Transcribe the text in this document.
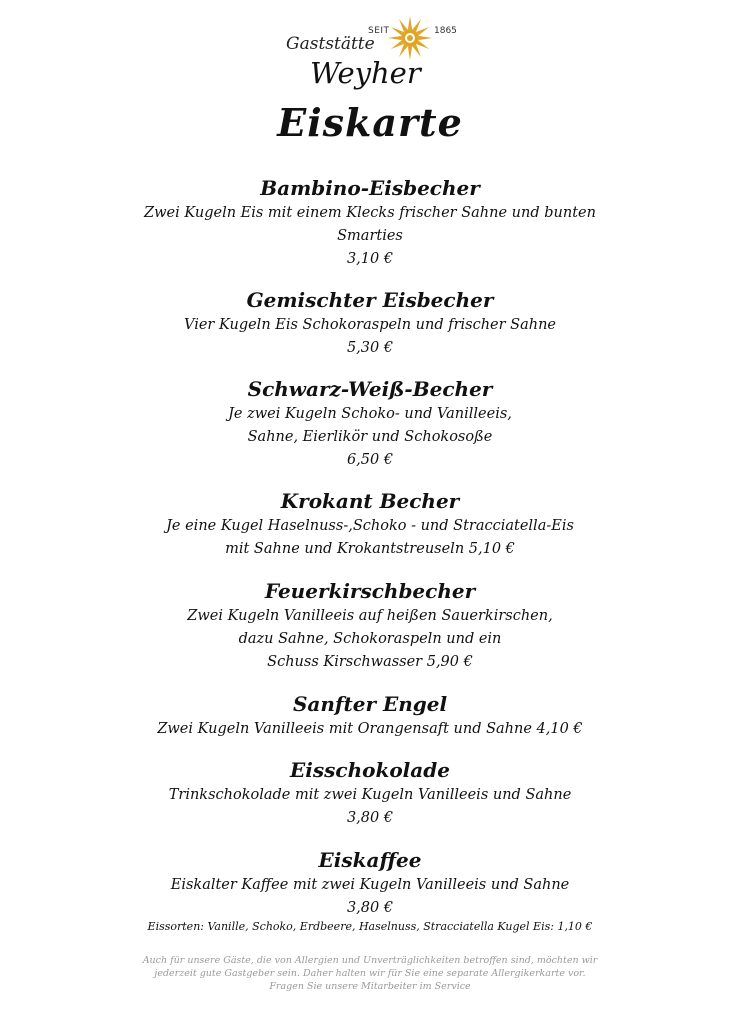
SEIT	1865
Gaststätte
Weyher
Eiskarte
Bambino-Eisbecher
Zwei Kugeln Eis mit einem Klecks frischer Sahne und bunten
Smarties
3,10 €
Gemischter Eisbecher
Vier Kugeln Eis Schokoraspeln und frischer Sahne
5,30 €
Schwarz-Weiß-Becher
Je zwei Kugeln Schoko- und Vanilleeis,
Sahne, Eierlikör und Schokosoße
6,50 €
Krokant Becher
Je eine Kugel Haselnuss-,Schoko - und Stracciatella-Eis
mit Sahne und Krokantstreuseln 5,10 €
Feuerkirschbecher
Zwei Kugeln Vanilleeis auf heißen Sauerkirschen,
dazu Sahne, Schokoraspeln und ein
Schuss Kirschwasser 5,90 €
Sanfter Engel
Zwei Kugeln Vanilleeis mit Orangensaft und Sahne 4,10 €
Eisschokolade
Trinkschokolade mit zwei Kugeln Vanilleeis und Sahne
3,80 €
Eiskaffee
Eiskalter Kaffee mit zwei Kugeln Vanilleeis und Sahne
3,80 €
Eissorten: Vanille, Schoko, Erdbeere, Haselnuss, Stracciatella Kugel Eis: 1,10 €
Auch für unsere Gäste, die von Allergien und Unverträglichkeiten betroffen sind, möchten wir
jederzeit gute Gastgeber sein. Daher halten wir für Sie eine separate Allergikerkarte vor.
Fragen Sie unsere Mitarbeiter im Service
